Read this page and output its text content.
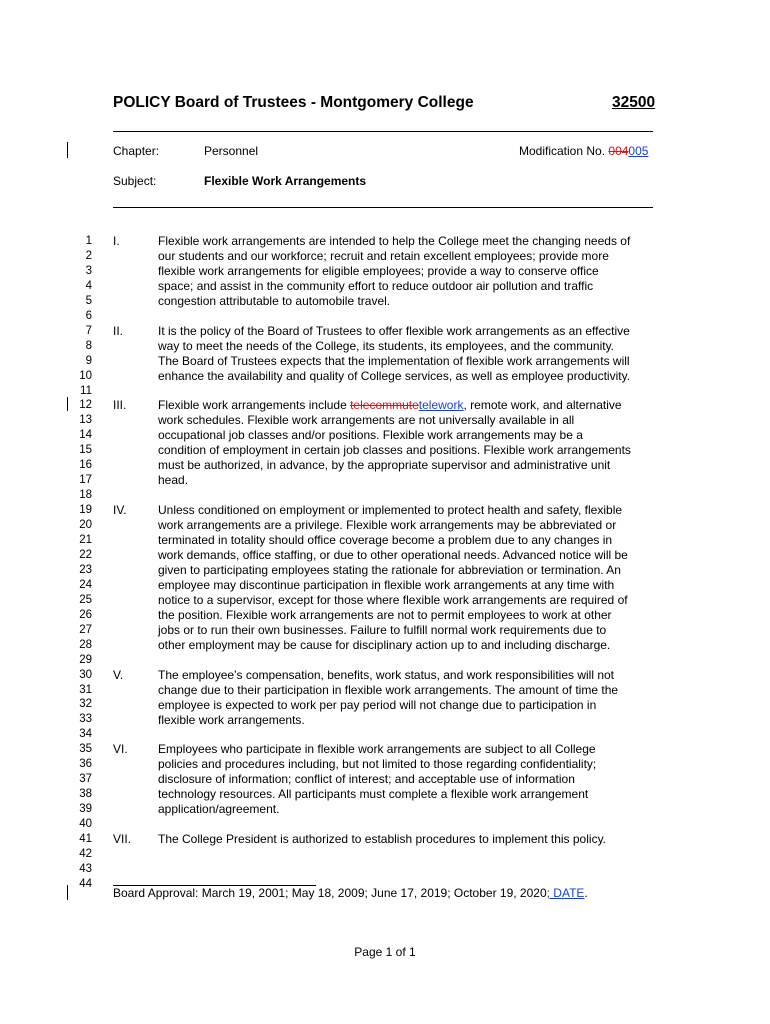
POLICY Board of Trustees - Montgomery College	32500
Chapter:	Personnel	Modification No. 004005
Subject:	Flexible Work Arrangements
1
2
3
4
5
6
7
8
9
10
11
12
13
14
15
16
17
18
19
20
21
22
23
24
25
26
27
28
29
30
31
32
33
34
35
36
37
38
39
40
41
42
43
44
I.	Flexible work arrangements are intended to help the College meet the changing needs of
our students and our workforce; recruit and retain excellent employees; provide more
flexible work arrangements for eligible employees; provide a way to conserve office
space; and assist in the community effort to reduce outdoor air pollution and traffic
congestion attributable to automobile travel.
II.	It is the policy of the Board of Trustees to offer flexible work arrangements as an effective
way to meet the needs of the College, its students, its employees, and the community.
The Board of Trustees expects that the implementation of flexible work arrangements will
enhance the availability and quality of College services, as well as employee productivity.
III.	Flexible work arrangements include telecommutetelework, remote work, and alternative
work schedules. Flexible work arrangements are not universally available in all
occupational job classes and/or positions. Flexible work arrangements may be a
condition of employment in certain job classes and positions. Flexible work arrangements
must be authorized, in advance, by the appropriate supervisor and administrative unit
head.
IV.	Unless conditioned on employment or implemented to protect health and safety, flexible
work arrangements are a privilege. Flexible work arrangements may be abbreviated or
terminated in totality should office coverage become a problem due to any changes in
work demands, office staffing, or due to other operational needs. Advanced notice will be
given to participating employees stating the rationale for abbreviation or termination. An
employee may discontinue participation in flexible work arrangements at any time with
notice to a supervisor, except for those where flexible work arrangements are required of
the position. Flexible work arrangements are not to permit employees to work at other
jobs or to run their own businesses. Failure to fulfill normal work requirements due to
other employment may be cause for disciplinary action up to and including discharge.
V.	The employee’s compensation, benefits, work status, and work responsibilities will not
change due to their participation in flexible work arrangements. The amount of time the
employee is expected to work per pay period will not change due to participation in
flexible work arrangements.
VI.	Employees who participate in flexible work arrangements are subject to all College
policies and procedures including, but not limited to those regarding confidentiality;
disclosure of information; conflict of interest; and acceptable use of information
technology resources. All participants must complete a flexible work arrangement
application/agreement.
VII. The College President is authorized to establish procedures to implement this policy.
Board Approval: March 19, 2001; May 18, 2009; June 17, 2019; October 19, 2020; DATE.
Page 1 of 1
